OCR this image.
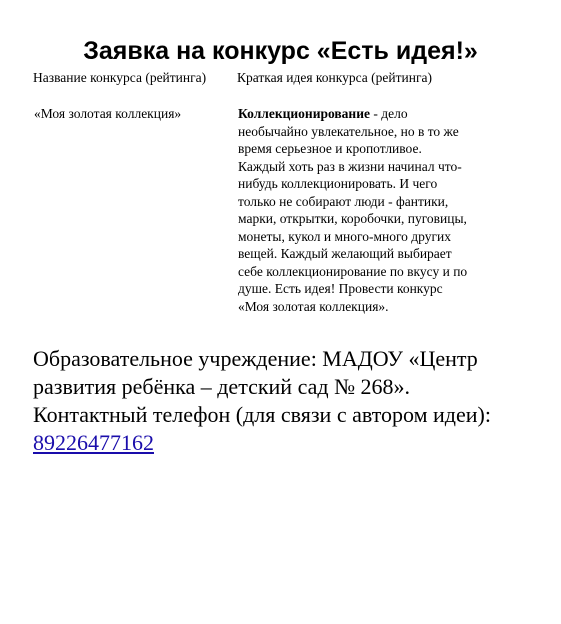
Заявка на конкурс «Есть идея!»
Название конкурса (рейтинга) Краткая идея конкурса (рейтинга)
«Моя золотая коллекция»	Коллекционирование - дело
необычайно увлекательное, но в то же
время серьезное и кропотливое.
Каждый хоть раз в жизни начинал что-
нибудь коллекционировать. И чего
только не собирают люди - фантики,
марки, открытки, коробочки, пуговицы,
монеты, кукол и много-много других
вещей. Каждый желающий выбирает
себе коллекционирование по вкусу и по
душе. Есть идея! Провести конкурс
«Моя золотая коллекция».
Образовательное учреждение: МАДОУ «Центр
развития ребёнка – детский сад № 268».
Контактный телефон (для связи с автором идеи):
89226477162
